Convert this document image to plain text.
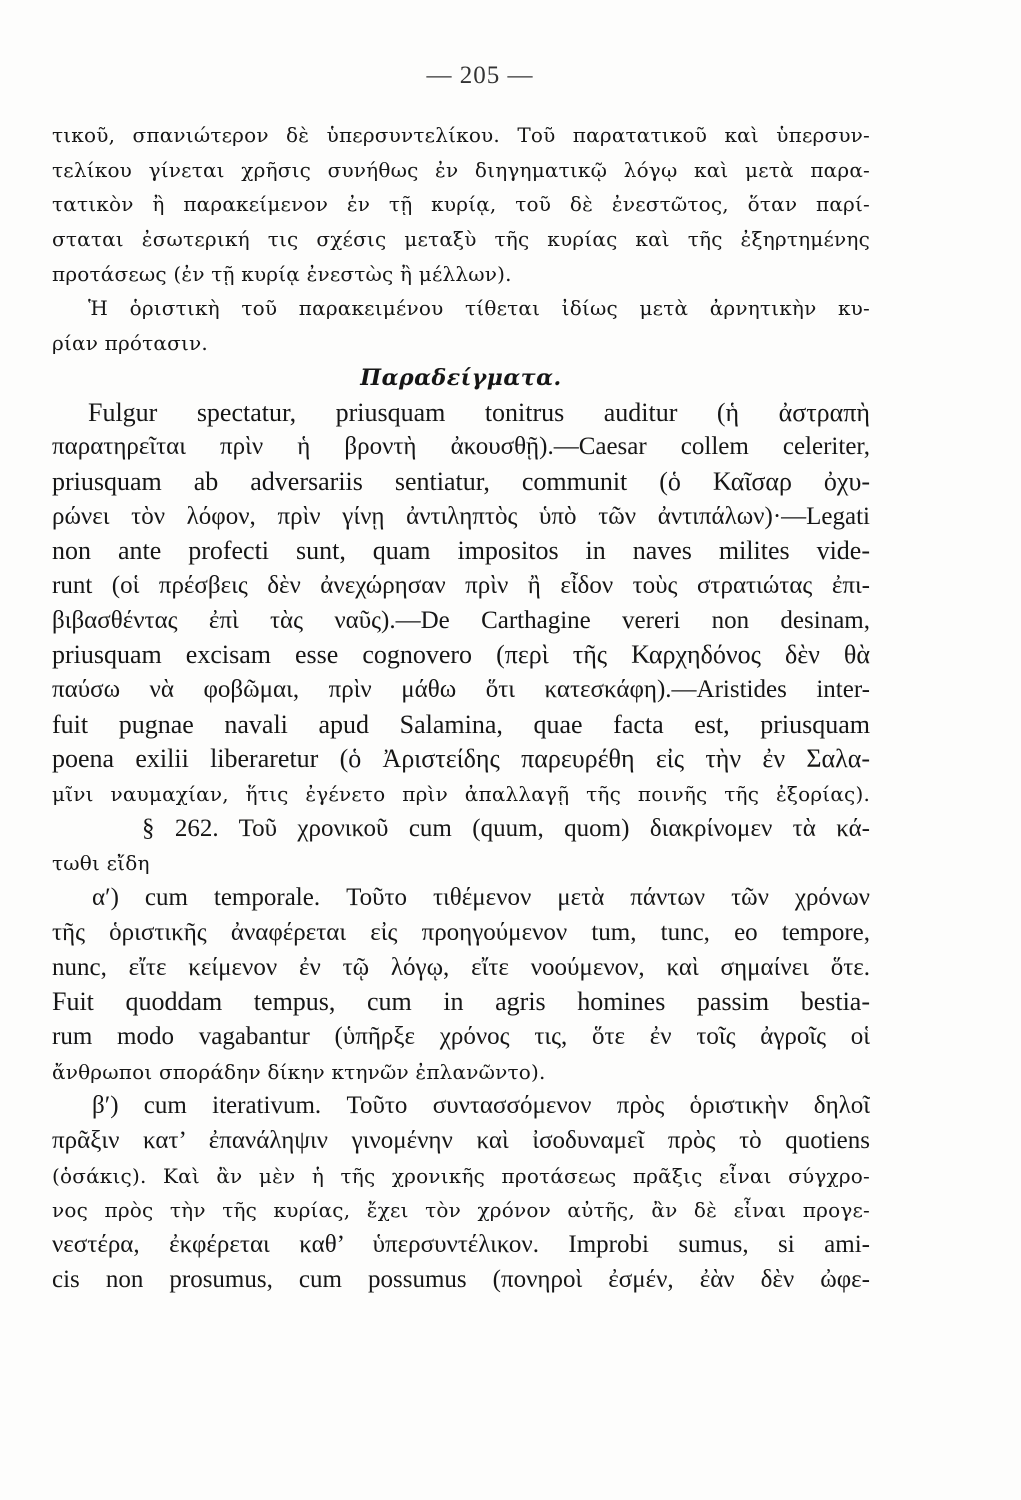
— 205 —
τικοῦ, σπανιώτερον δὲ ὑπερσυντελίκου. Τοῦ παρατατικοῦ καὶ ὑπερσυν-
τελίκου γίνεται χρῆσις συνήθως ἐν διηγηματικῷ λόγῳ καὶ μετὰ παρα-
τατικὸν ἢ παρακείμενον ἐν τῇ κυρίᾳ, τοῦ δὲ ἐνεστῶτος, ὅταν παρί-
σταται ἐσωτερική τις σχέσις μεταξὺ τῆς κυρίας καὶ τῆς ἐξηρτημένης
προτάσεως (ἐν τῇ κυρίᾳ ἐνεστὼς ἢ μέλλων).
Ἡ ὁριστικὴ τοῦ παρακειμένου τίθεται ἰδίως μετὰ ἀρνητικὴν κυ-
ρίαν πρότασιν.
Παραδείγματα.
Fulgur spectatur, priusquam tonitrus auditur (ἡ ἀστραπὴ
παρατηρεῖται πρὶν ἡ βροντὴ ἀκουσθῇ).—Caesar collem celeriter,
priusquam ab adversariis sentiatur, communit (ὁ Καῖσαρ ὀχυ-
ρώνει τὸν λόφον, πρὶν γίνῃ ἀντιληπτὸς ὑπὸ τῶν ἀντιπάλων)·—Legati
non ante profecti sunt, quam impositos in naves milites vide-
runt (οἱ πρέσβεις δὲν ἀνεχώρησαν πρὶν ἢ εἶδον τοὺς στρατιώτας ἐπι-
βιβασθέντας ἐπὶ τὰς ναῦς).—De Carthagine vereri non desinam,
priusquam excisam esse cognovero (περὶ τῆς Καρχηδόνος δὲν θὰ
παύσω νὰ φοβῶμαι, πρὶν μάθω ὅτι κατεσκάφη).—Aristides inter-
fuit pugnae navali apud Salamina, quae facta est, priusquam
poena exilii liberaretur (ὁ Ἀριστείδης παρευρέθη εἰς τὴν ἐν Σαλα-
μῖνι ναυμαχίαν, ἥτις ἐγένετο πρὶν ἀπαλλαγῇ τῆς ποινῆς τῆς ἐξορίας).
§ 262. Τοῦ χρονικοῦ cum (quum, quom) διακρίνομεν τὰ κά-
τωθι εἴδη
α′) cum temporale. Τοῦτο τιθέμενον μετὰ πάντων τῶν χρόνων
τῆς ὁριστικῆς ἀναφέρεται εἰς προηγούμενον tum, tunc, eo tempore,
nunc, εἴτε κείμενον ἐν τῷ λόγῳ, εἴτε νοούμενον, καὶ σημαίνει ὅτε.
Fuit quoddam tempus, cum in agris homines passim bestia-
rum modo vagabantur (ὑπῆρξε χρόνος τις, ὅτε ἐν τοῖς ἀγροῖς οἱ
ἄνθρωποι σποράδην δίκην κτηνῶν ἐπλανῶντο).
β′) cum iterativum. Τοῦτο συντασσόμενον πρὸς ὁριστικὴν δηλοῖ
πρᾶξιν κατ’ ἐπανάληψιν γινομένην καὶ ἰσοδυναμεῖ πρὸς τὸ quotiens
(ὁσάκις). Καὶ ἂν μὲν ἡ τῆς χρονικῆς προτάσεως πρᾶξις εἶναι σύγχρο-
νος πρὸς τὴν τῆς κυρίας, ἔχει τὸν χρόνον αὐτῆς, ἂν δὲ εἶναι προγε-
νεστέρα, ἐκφέρεται καθ’ ὑπερσυντέλικον. Improbi sumus, si ami-
cis non prosumus, cum possumus (πονηροὶ ἐσμέν, ἐὰν δὲν ὠφε-
